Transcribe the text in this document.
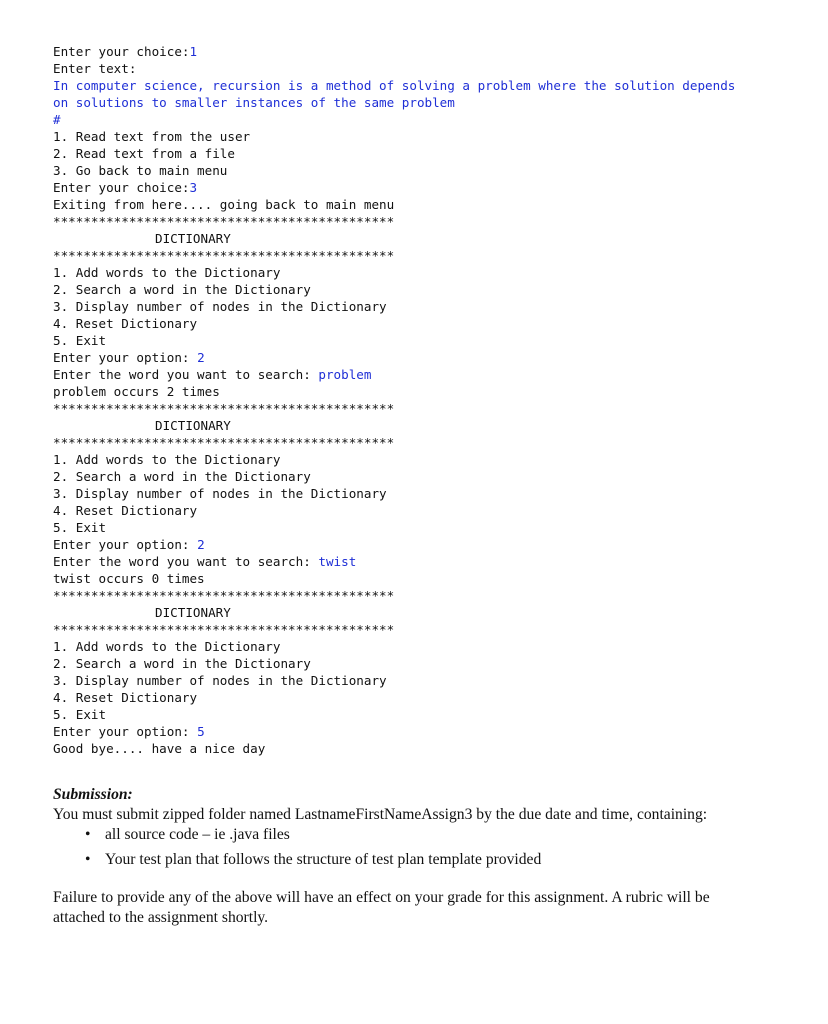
Enter your choice:1
Enter text:
In computer science, recursion is a method of solving a problem where the solution depends
on solutions to smaller instances of the same problem
#
1. Read text from the user
2. Read text from a file
3. Go back to main menu
Enter your choice:3
Exiting from here.... going back to main menu
*********************************************
DICTIONARY
*********************************************
1. Add words to the Dictionary
2. Search a word in the Dictionary
3. Display number of nodes in the Dictionary
4. Reset Dictionary
5. Exit
Enter your option: 2
Enter the word you want to search: problem
problem occurs 2 times
*********************************************
DICTIONARY
*********************************************
1. Add words to the Dictionary
2. Search a word in the Dictionary
3. Display number of nodes in the Dictionary
4. Reset Dictionary
5. Exit
Enter your option: 2
Enter the word you want to search: twist
twist occurs 0 times
*********************************************
DICTIONARY
*********************************************
1. Add words to the Dictionary
2. Search a word in the Dictionary
3. Display number of nodes in the Dictionary
4. Reset Dictionary
5. Exit
Enter your option: 5
Good bye.... have a nice day

Submission:

You must submit zipped folder named LastnameFirstNameAssign3 by the due date and time, containing:

• all source code – ie .java files
• Your test plan that follows the structure of test plan template provided

Failure to provide any of the above will have an effect on your grade for this assignment. A rubric will be attached to the assignment shortly.
